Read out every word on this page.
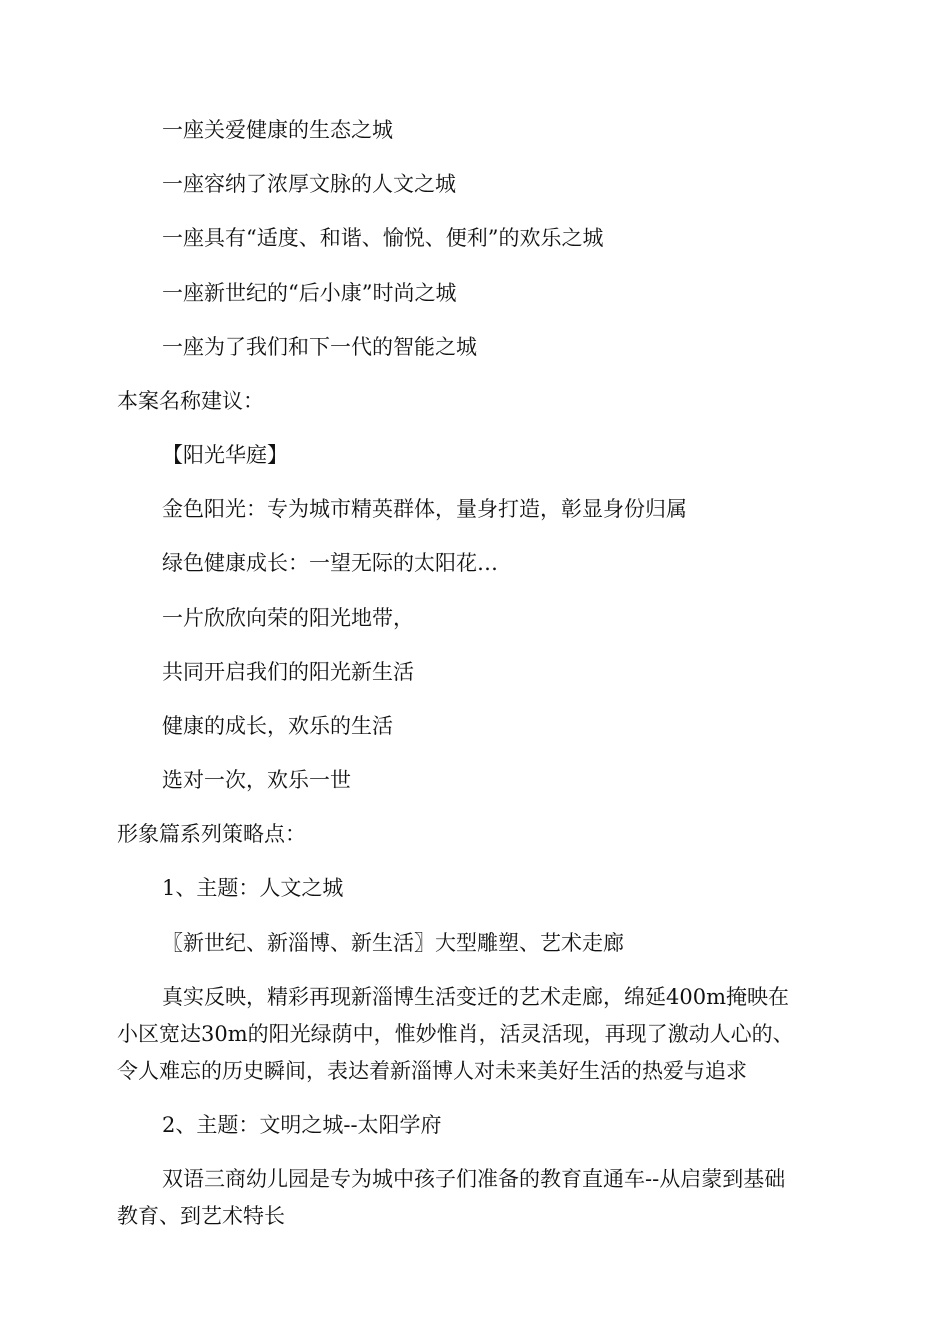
一座关爱健康的生态之城
一座容纳了浓厚文脉的人文之城
一座具有“适度、和谐、愉悦、便利”的欢乐之城
一座新世纪的“后小康”时尚之城
一座为了我们和下一代的智能之城
本案名称建议：
【阳光华庭】
金色阳光：专为城市精英群体，量身打造，彰显身份归属
绿色健康成长：一望无际的太阳花…
一片欣欣向荣的阳光地带，
共同开启我们的阳光新生活
健康的成长，欢乐的生活
选对一次，欢乐一世
形象篇系列策略点：
1、主题：人文之城
〖新世纪、新淄博、新生活〗大型雕塑、艺术走廊
真实反映，精彩再现新淄博生活变迁的艺术走廊，绵延400m掩映在
小区宽达30m的阳光绿荫中，惟妙惟肖，活灵活现，再现了激动人心的、
令人难忘的历史瞬间，表达着新淄博人对未来美好生活的热爱与追求
2、主题：文明之城--太阳学府
双语三商幼儿园是专为城中孩子们准备的教育直通车--从启蒙到基础
教育、到艺术特长
